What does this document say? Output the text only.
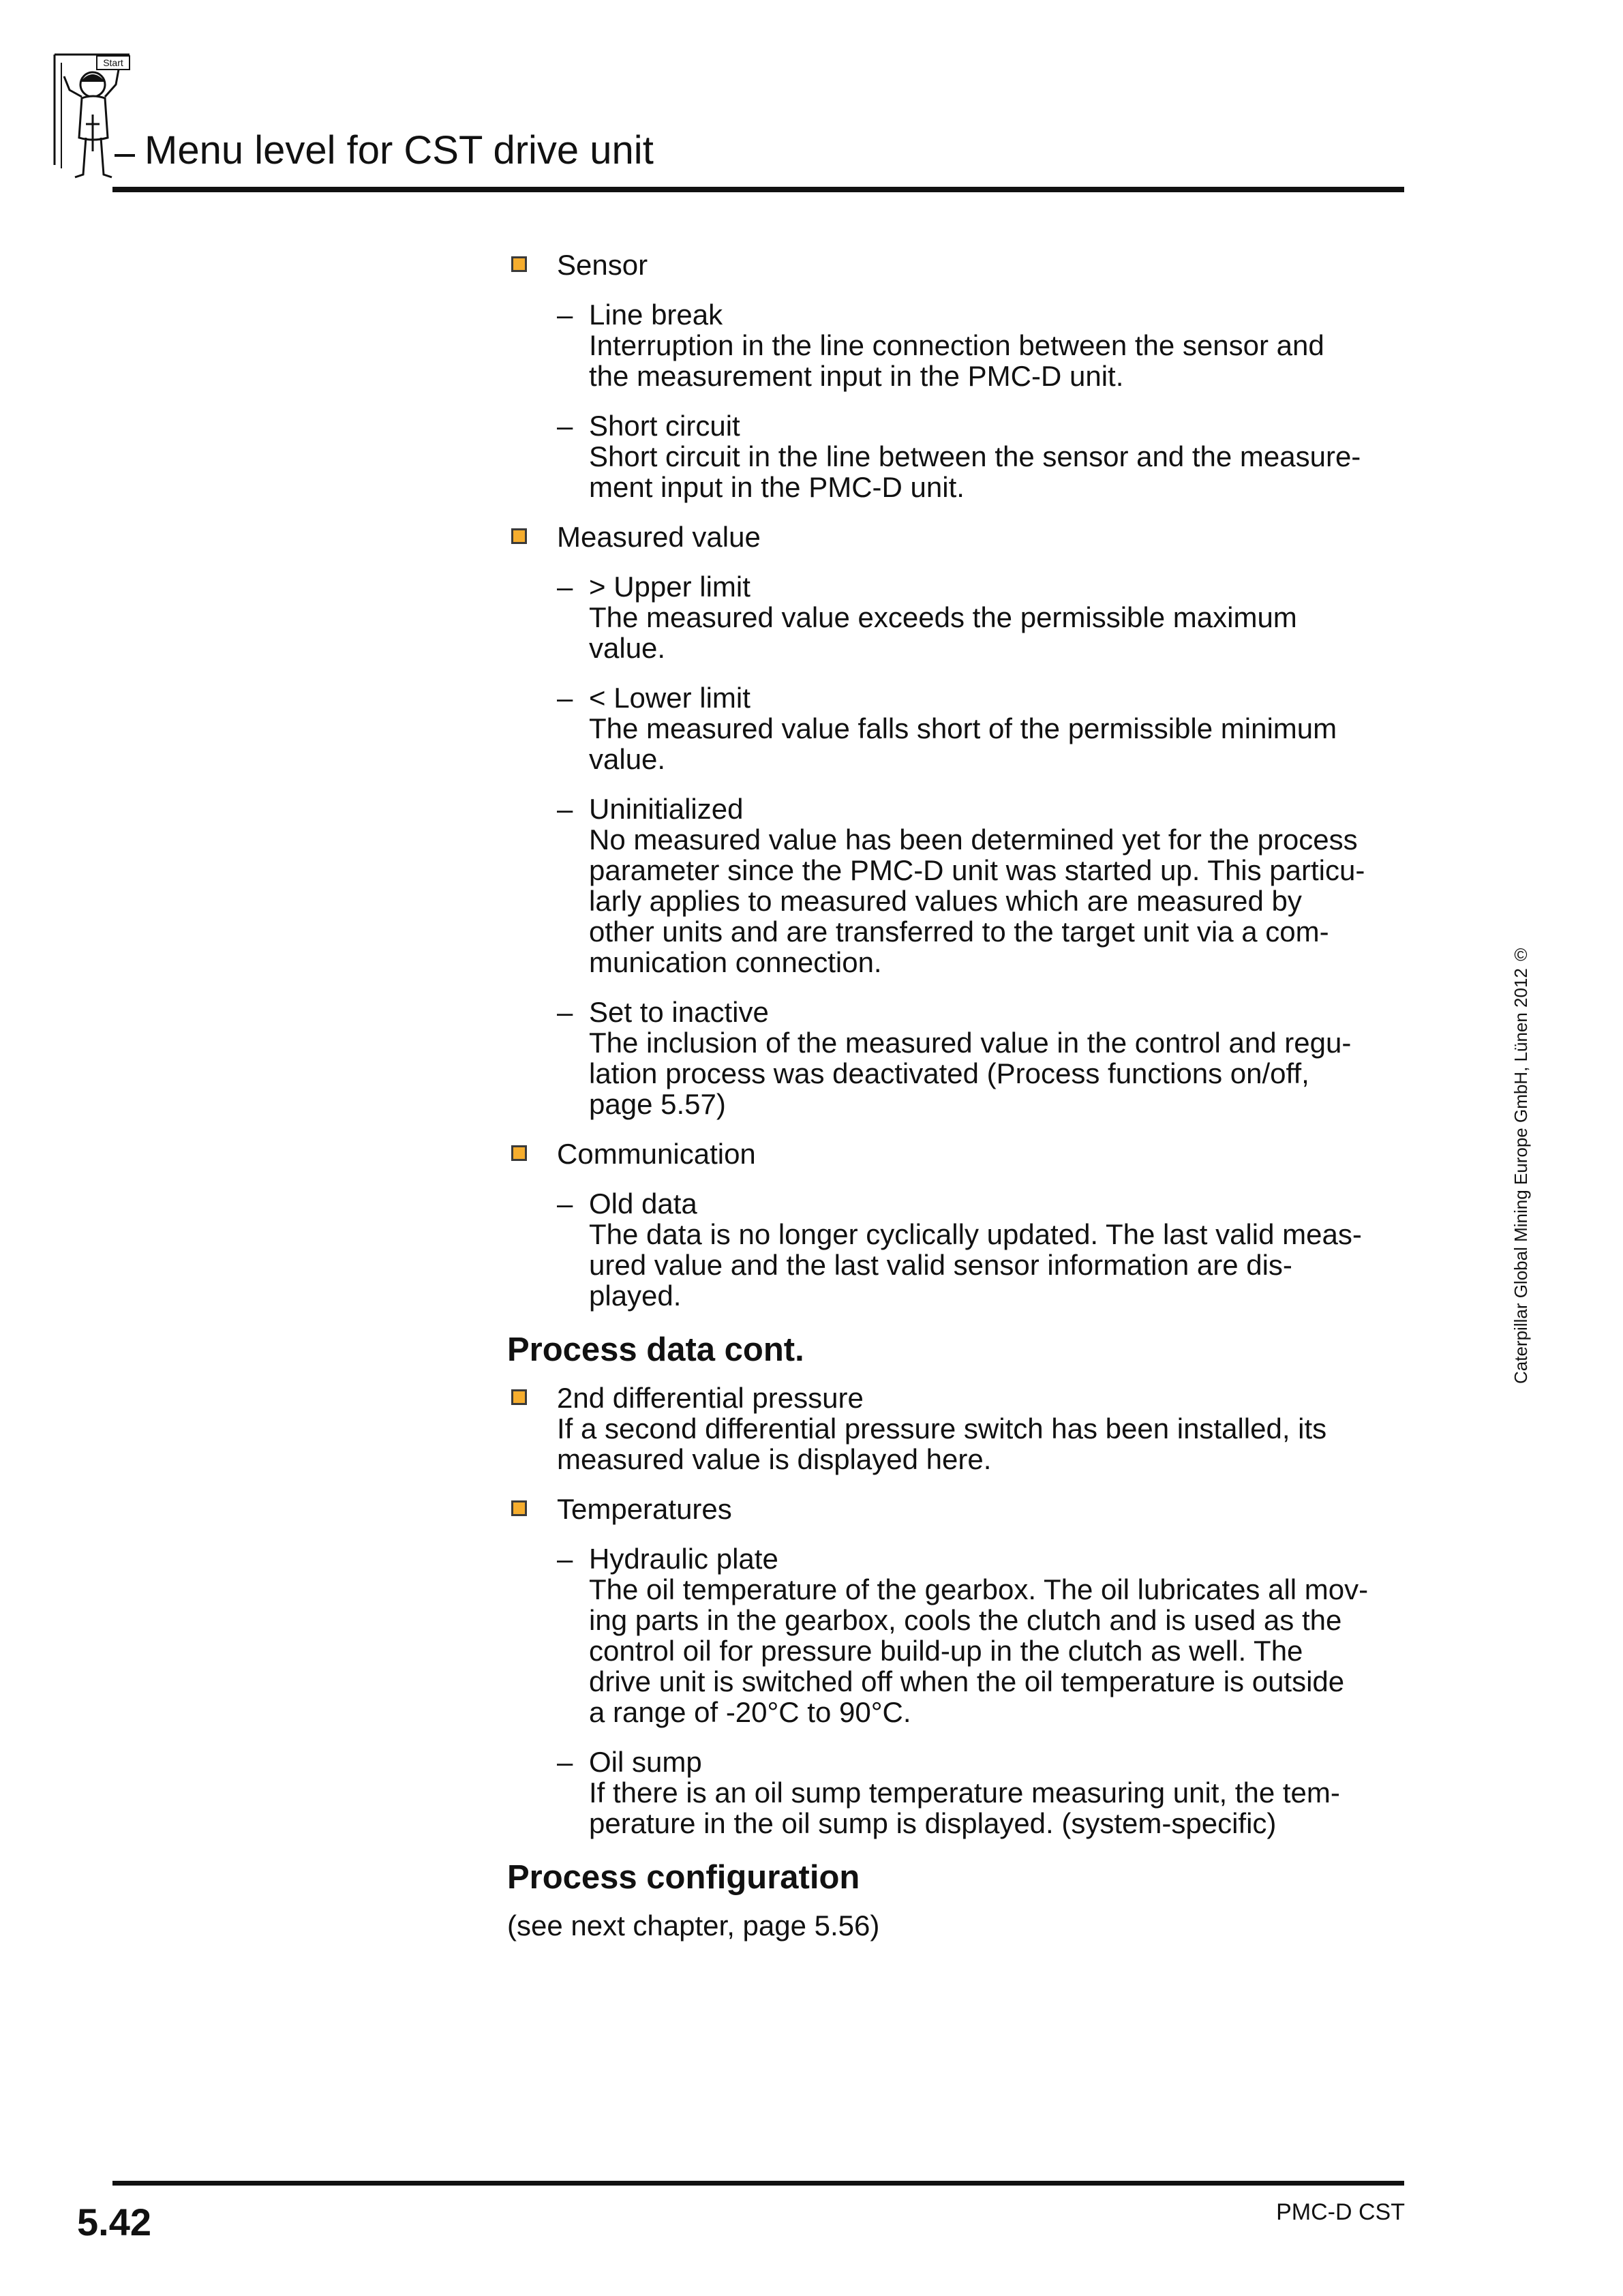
Start
Menu level for CST drive unit
Sensor
– Line break
Interruption in the line connection between the sensor and
the measurement input in the PMC-D unit.
– Short circuit
Short circuit in the line between the sensor and the measure-
ment input in the PMC-D unit.
Measured value
– > Upper limit
The measured value exceeds the permissible maximum
value.
– < Lower limit
The measured value falls short of the permissible minimum
value.
– Uninitialized
No measured value has been determined yet for the process
parameter since the PMC-D unit was started up. This particu-
larly applies to measured values which are measured by
other units and are transferred to the target unit via a com-
munication connection.
– Set to inactive
The inclusion of the measured value in the control and regu-
lation process was deactivated (Process functions on/off,
page 5.57)
Communication
– Old data
The data is no longer cyclically updated. The last valid meas-
ured value and the last valid sensor information are dis-
played.
Process data cont.
2nd differential pressure
If a second differential pressure switch has been installed, its
measured value is displayed here.
Temperatures
– Hydraulic plate
The oil temperature of the gearbox. The oil lubricates all mov-
ing parts in the gearbox, cools the clutch and is used as the
control oil for pressure build-up in the clutch as well. The
drive unit is switched off when the oil temperature is outside
a range of -20°C to 90°C.
– Oil sump
If there is an oil sump temperature measuring unit, the tem-
perature in the oil sump is displayed. (system-specific)
Process configuration
(see next chapter, page 5.56)
Caterpillar Global Mining Europe GmbH, Lünen 2012©
5.42	PMC-D CST
